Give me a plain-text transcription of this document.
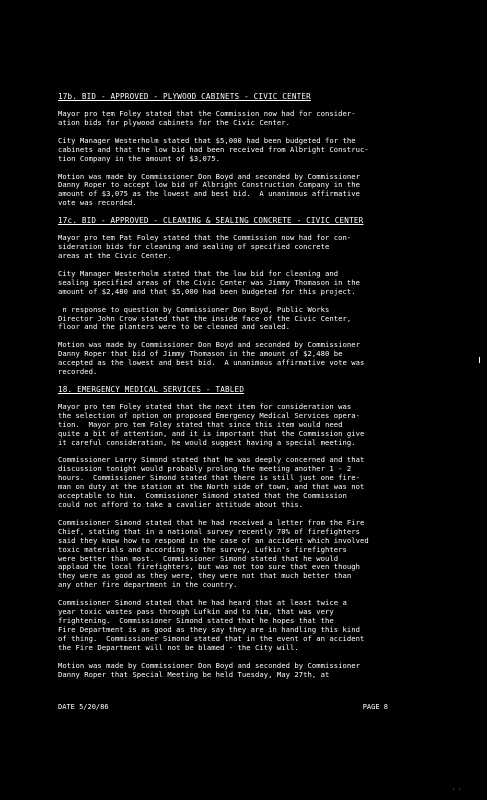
17b. BID - APPROVED - PLYWOOD CABINETS - CIVIC CENTER

Mayor pro tem Foley stated that the Commission now had for consider-
ation bids for plywood cabinets for the Civic Center.

City Manager Westerholm stated that $5,000 had been budgeted for the
cabinets and that the low bid had been received from Albright Construc-
tion Company in the amount of $3,075.

Motion was made by Commissioner Don Boyd and seconded by Commissioner
Danny Roper to accept low bid of Albright Construction Company in the
amount of $3,075 as the lowest and best bid.  A unanimous affirmative
vote was recorded.

17c. BID - APPROVED - CLEANING & SEALING CONCRETE - CIVIC CENTER

Mayor pro tem Pat Foley stated that the Commission now had for con-
sideration bids for cleaning and sealing of specified concrete
areas at the Civic Center.

City Manager Westerholm stated that the low bid for cleaning and
sealing specified areas of the Civic Center was Jimmy Thomason in the
amount of $2,480 and that $5,000 had been budgeted for this project.

n response to question by Commissioner Don Boyd, Public Works
Director John Crow stated that the inside face of the Civic Center,
floor and the planters were to be cleaned and sealed.

Motion was made by Commissioner Don Boyd and seconded by Commissioner
Danny Roper that bid of Jimmy Thomason in the amount of $2,480 be
accepted as the lowest and best bid.  A unanimous affirmative vote was
recorded.

18. EMERGENCY MEDICAL SERVICES - TABLED

Mayor pro tem Foley stated that the next item for consideration was
the selection of option on proposed Emergency Medical Services opera-
tion.  Mayor pro tem Foley stated that since this item would need
quite a bit of attention, and it is important that the Commission give
it careful consideration, he would suggest having a special meeting.

Commissioner Larry Simond stated that he was deeply concerned and that
discussion tonight would probably prolong the meeting another 1 - 2
hours.  Commissioner Simond stated that there is still just one fire-
man on duty at the station at the North side of town, and that was not
acceptable to him.  Commissioner Simond stated that the Commission
could not afford to take a cavalier attitude about this.

Commissioner Simond stated that he had received a letter from the Fire
Chief, stating that in a national survey recently 70% of firefighters
said they knew how to respond in the case of an accident which involved
toxic materials and according to the survey, Lufkin's firefighters
were better than most.  Commissioner Simond stated that he would
applaud the local firefighters, but was not too sure that even though
they were as good as they were, they were not that much better than
any other fire department in the country.

Commissioner Simond stated that he had heard that at least twice a
year toxic wastes pass through Lufkin and to him, that was very
frightening.  Commissioner Simond stated that he hopes that the
Fire Department is as good as they say they are in handling this kind
of thing.  Commissioner Simond stated that in the event of an accident
the Fire Department will not be blamed - the City will.

Motion was made by Commissioner Don Boyd and seconded by Commissioner
Danny Roper that Special Meeting be held Tuesday, May 27th, at

DATE 5/20/86	PAGE 8
· ·
